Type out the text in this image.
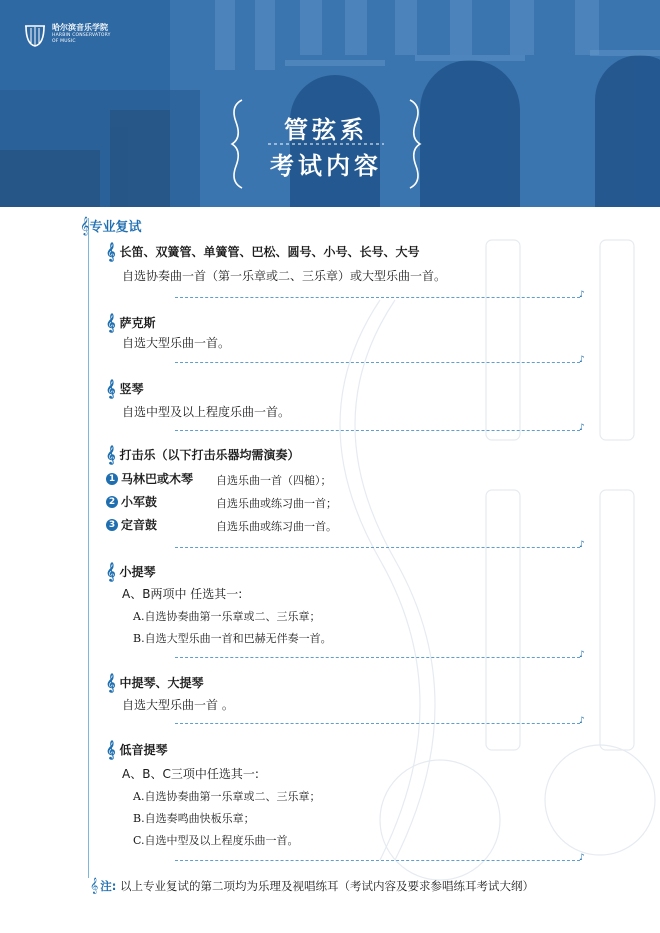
哈尔滨音乐学院
HARBIN CONSERVATORY
OF MUSIC
管弦系
考试内容
𝄞 专业复试
𝄞 长笛、双簧管、单簧管、巴松、圆号、小号、长号、大号
自选协奏曲一首（第一乐章或二、三乐章）或大型乐曲一首。
♪
𝄞 萨克斯
自选大型乐曲一首。
♪
𝄞 竖琴
自选中型及以上程度乐曲一首。
♪
𝄞 打击乐（以下打击乐器均需演奏）
1 马林巴或木琴 自选乐曲一首（四槌）；
2 小军鼓	自选乐曲或练习曲一首；
3 定音鼓	自选乐曲或练习曲一首。
♪
𝄞 小提琴
A、B两项中 任选其一:
A.自选协奏曲第一乐章或二、三乐章；
B.自选大型乐曲一首和巴赫无伴奏一首。
♪
𝄞 中提琴、大提琴
自选大型乐曲一首 。
♪
𝄞 低音提琴
A、B、C三项中任选其一:
A.自选协奏曲第一乐章或二、三乐章；
B.自选奏鸣曲快板乐章；
C.自选中型及以上程度乐曲一首。
♪
𝄞 注: 以上专业复试的第二项均为乐理及视唱练耳（考试内容及要求参唱练耳考试大纲）
